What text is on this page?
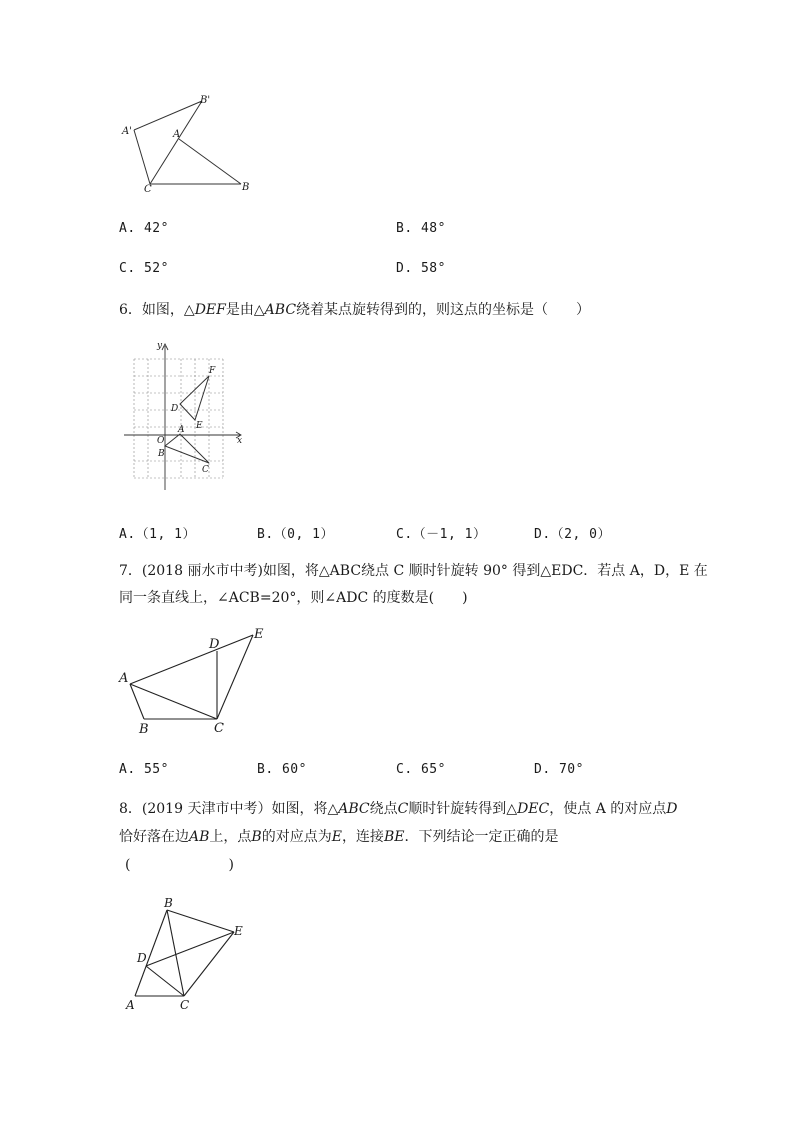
A'
B'
A
C	B
A. 42°	B. 48°
C. 52°	D. 58°
6．如图，△DEF是由△ABC绕着某点旋转得到的，则这点的坐标是（　　）
y
x
O
A
B
C
D
E
F
A.（1, 1）	B.（0, 1）	C.（－1, 1）	D.（2, 0）
7．(2018 丽水市中考)如图，将△ABC绕点 C 顺时针旋转 90° 得到△EDC．若点 A，D，E 在
同一条直线上，∠ACB=20°，则∠ADC 的度数是(　　)
A
B	C
D
E
A. 55°	B. 60°	C. 65°	D. 70°
8．(2019 天津市中考）如图，将△ABC绕点C顺时针旋转得到△DEC，使点 A 的对应点D
恰好落在边AB上，点B的对应点为E，连接BE．下列结论一定正确的是
(　　　　　　　)
A
B
C
D
E
